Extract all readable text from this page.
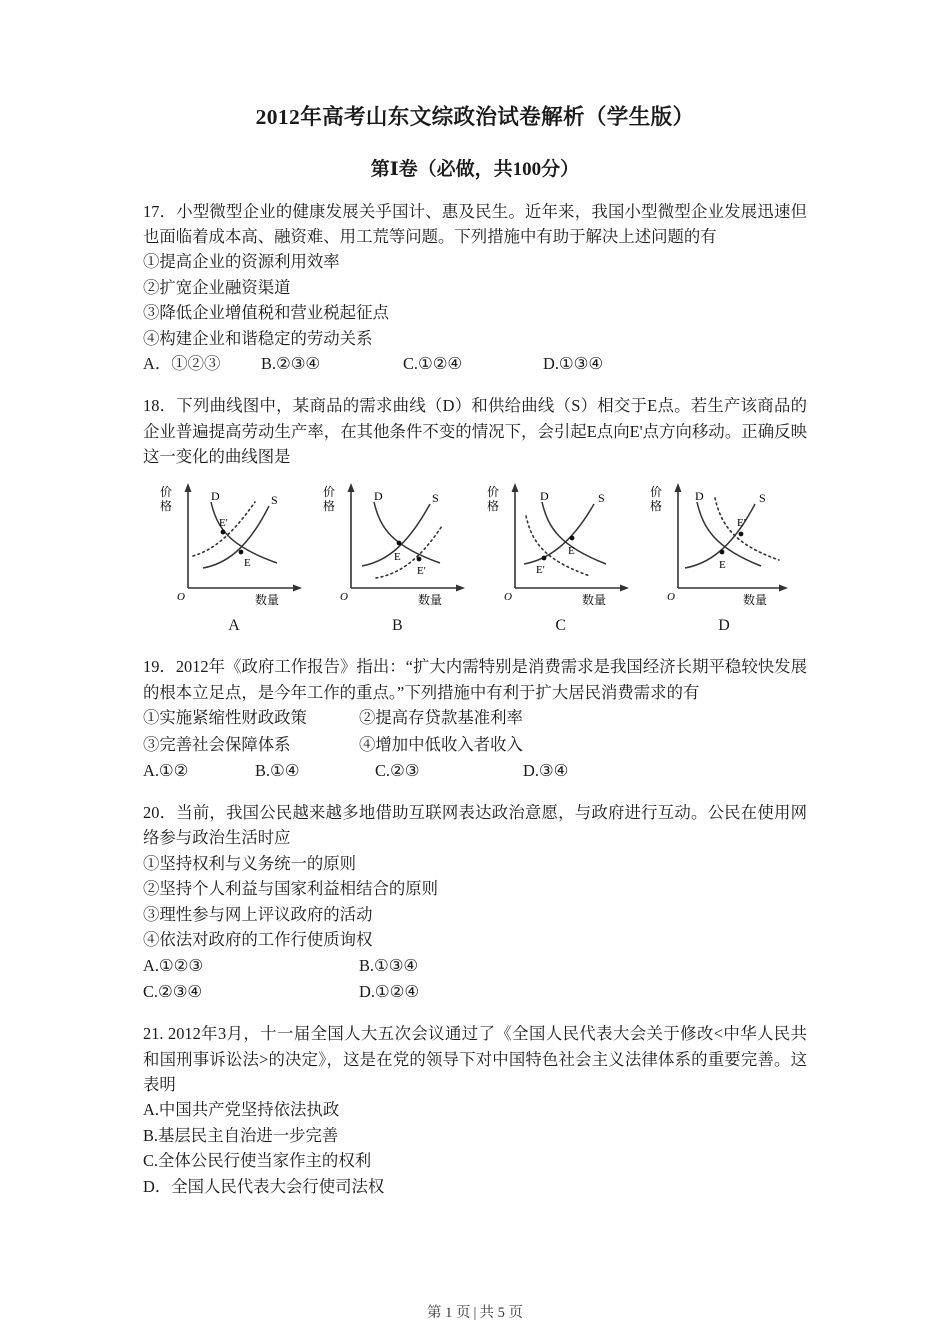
2012年高考山东文综政治试卷解析（学生版）
第Ⅰ卷（必做，共100分）
17．小型微型企业的健康发展关乎国计、惠及民生。近年来，我国小型微型企业发展迅速但也面临着成本高、融资难、用工荒等问题。下列措施中有助于解决上述问题的有
①提高企业的资源利用效率
②扩宽企业融资渠道
③降低企业增值税和营业税起征点
④构建企业和谐稳定的劳动关系
A．①②③	B.②③④	C.①②④	D.①③④
18．下列曲线图中，某商品的需求曲线（D）和供给曲线（S）相交于E点。若生产该商品的企业普遍提高劳动生产率，在其他条件不变的情况下，会引起E点向E'点方向移动。正确反映这一变化的曲线图是
价
格
O	数量
D	S
E
E'
A
价
格
O	数量
D	S
E
E'
B
价
格
O	数量
D	S
E
E'
C
价
格
O	数量
D	S
E
E'
D
19．2012年《政府工作报告》指出：“扩大内需特别是消费需求是我国经济长期平稳较快发展的根本立足点，是今年工作的重点。”下列措施中有利于扩大居民消费需求的有
①实施紧缩性财政政策	②提高存贷款基准利率
③完善社会保障体系	④增加中低收入者收入
A.①②	B.①④	C.②③	D.③④
20．当前，我国公民越来越多地借助互联网表达政治意愿，与政府进行互动。公民在使用网络参与政治生活时应
①坚持权利与义务统一的原则
②坚持个人利益与国家利益相结合的原则
③理性参与网上评议政府的活动
④依法对政府的工作行使质询权
A.①②③	B.①③④
C.②③④	D.①②④
21. 2012年3月，十一届全国人大五次会议通过了《全国人民代表大会关于修改<中华人民共和国刑事诉讼法>的决定》，这是在党的领导下对中国特色社会主义法律体系的重要完善。这表明
A.中国共产党坚持依法执政
B.基层民主自治进一步完善
C.全体公民行使当家作主的权利
D．全国人民代表大会行使司法权
第 1 页 | 共 5 页
